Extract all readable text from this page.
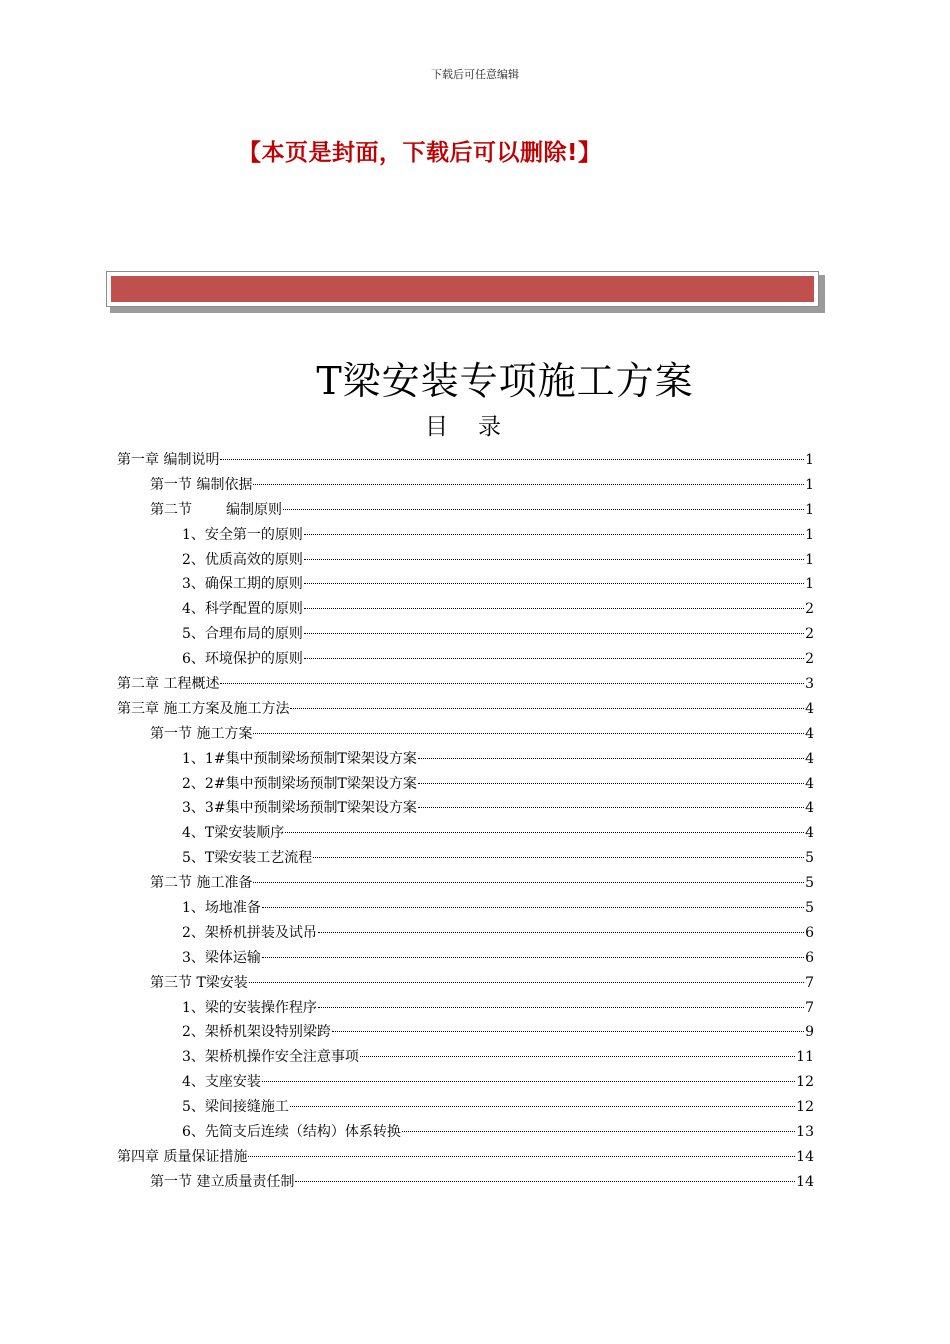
下载后可任意编辑
【本页是封面，下载后可以删除!】
T梁安装专项施工方案
目 录
第一章 编制说明	1
第一节 编制依据	1
第二节 编制原则	1
1、安全第一的原则	1
2、优质高效的原则	1
3、确保工期的原则	1
4、科学配置的原则	2
5、合理布局的原则	2
6、环境保护的原则	2
第二章 工程概述	3
第三章 施工方案及施工方法	4
第一节 施工方案	4
1、1#集中预制梁场预制T梁架设方案	4
2、2#集中预制梁场预制T梁架设方案	4
3、3#集中预制梁场预制T梁架设方案	4
4、T梁安装顺序	4
5、T梁安装工艺流程	5
第二节 施工准备	5
1、场地准备	5
2、架桥机拼装及试吊	6
3、梁体运输	6
第三节 T梁安装	7
1、梁的安装操作程序	7
2、架桥机架设特别梁跨	9
3、架桥机操作安全注意事项	11
4、支座安装	12
5、梁间接缝施工	12
6、先简支后连续（结构）体系转换	13
第四章 质量保证措施	14
第一节 建立质量责任制	14
